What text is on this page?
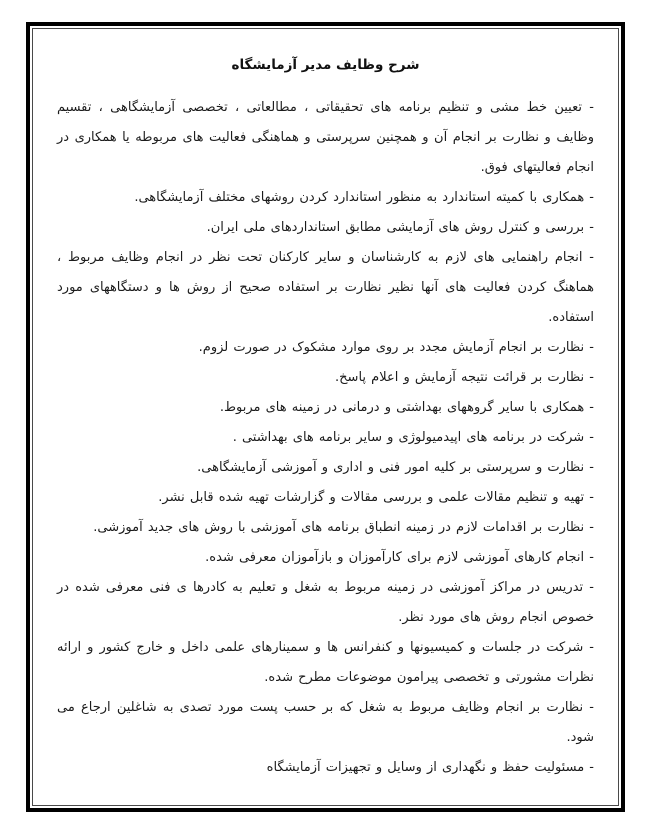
شرح وظايف مدير آزمايشگاه

- تعيين خط مشى و تنظيم برنامه هاى تحقيقاتى ، مطالعاتى ، تخصصى آزمايشگاهى ، تقسيم وظايف و نظارت بر انجام آن و همچنين سرپرستى و هماهنگى فعاليت هاى مربوطه يا همكارى در انجام فعاليتهاى فوق.

- همكارى با كميته استاندارد به منظور استاندارد كردن روشهاى مختلف آزمايشگاهى.

- بررسى و كنترل روش هاى آزمايشى مطابق استانداردهاى ملى ايران.

- انجام راهنمايى هاى لازم به كارشناسان و ساير كاركنان تحت نظر در انجام وظايف مربوط ، هماهنگ كردن فعاليت هاى آنها نظير نظارت بر استفاده صحيح از روش ها و دستگاههاى مورد استفاده.

- نظارت بر انجام آزمايش مجدد بر روى موارد مشكوک در صورت لزوم.

- نظارت بر قرائت نتيجه آزمايش و اعلام پاسخ.

- همكارى با ساير گروههاى بهداشتى و درمانى در زمينه هاى مربوط.

- شركت در برنامه هاى اپيدميولوژى و ساير برنامه هاى بهداشتى .

- نظارت و سرپرستى بر كليه امور فنى و ادارى و آموزشى آزمايشگاهى.

- تهيه و تنظيم مقالات علمى و بررسى مقالات و گزارشات تهيه شده قابل نشر.

- نظارت بر اقدامات لازم در زمينه انطباق برنامه هاى آموزشى با روش هاى جديد آموزشى.

- انجام كارهاى آموزشى لازم براى كارآموزان و بازآموزان معرفى شده.

- تدريس در مراكز آموزشى در زمينه مربوط به شغل و تعليم به كادرها ى فنى معرفى شده در خصوص انجام روش هاى مورد نظر.

- شركت در جلسات و كميسيونها و كنفرانس ها و سمينارهاى علمى داخل و خارج كشور و ارائه نظرات مشورتى و تخصصى پيرامون موضوعات مطرح شده.

- نظارت بر انجام وظايف مربوط به شغل كه بر حسب پست مورد تصدى به شاغلين ارجاع مى شود.

- مسئوليت حفظ و نگهدارى از وسايل و تجهيزات آزمايشگاه
